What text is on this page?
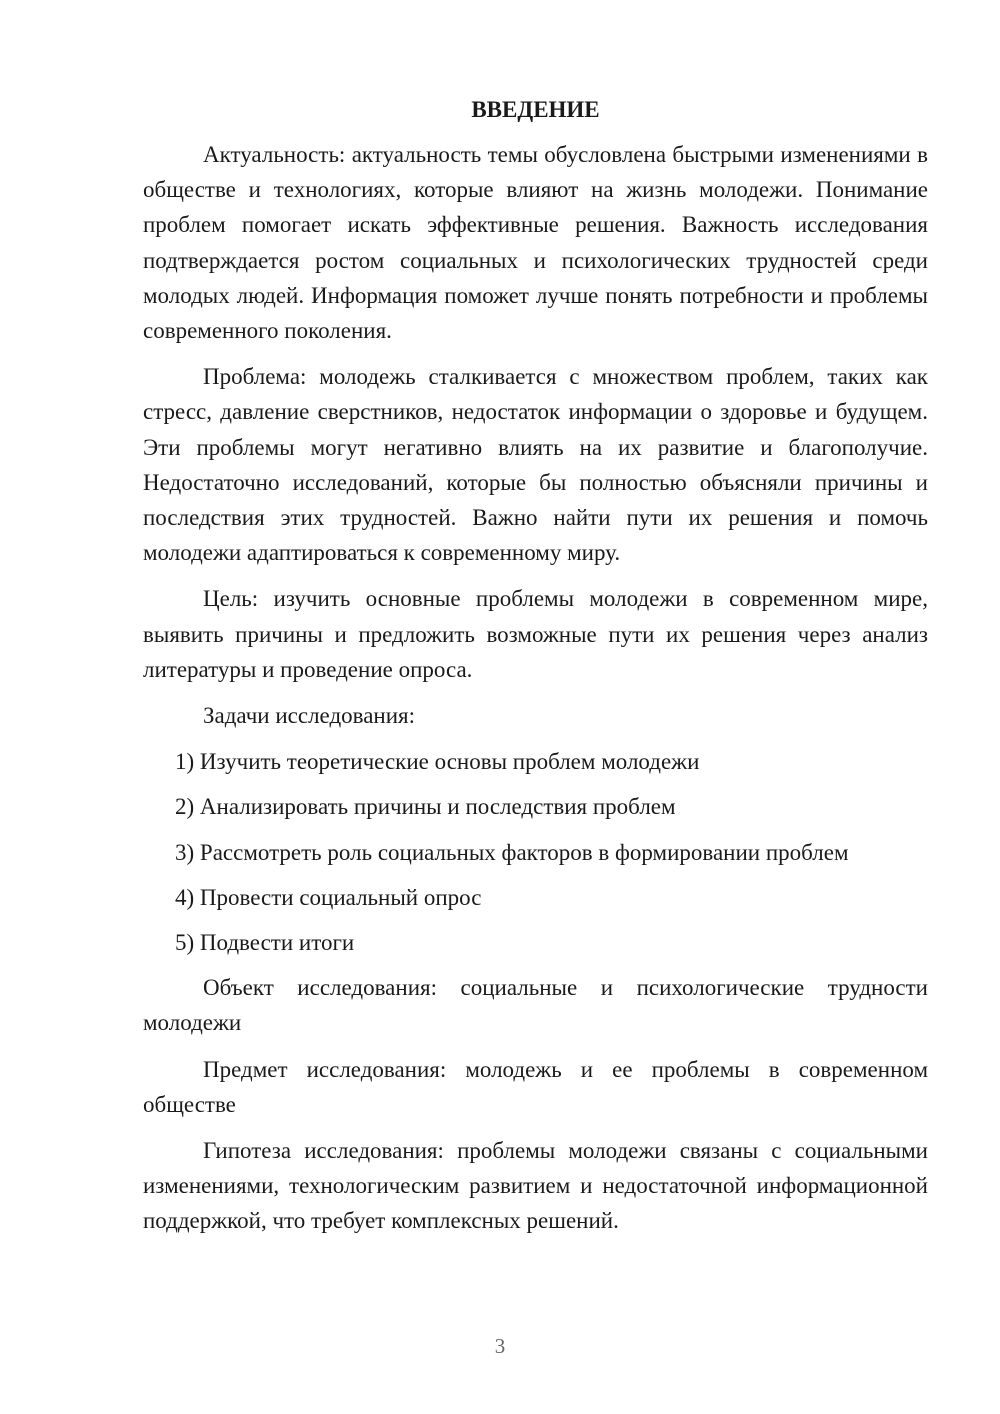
ВВЕДЕНИЕ

Актуальность: актуальность темы обусловлена быстрыми изменениями в обществе и технологиях, которые влияют на жизнь молодежи. Понимание проблем помогает искать эффективные решения. Важность исследования подтверждается ростом социальных и психологических трудностей среди молодых людей. Информация поможет лучше понять потребности и проблемы современного поколения.

Проблема: молодежь сталкивается с множеством проблем, таких как стресс, давление сверстников, недостаток информации о здоровье и будущем. Эти проблемы могут негативно влиять на их развитие и благополучие. Недостаточно исследований, которые бы полностью объясняли причины и последствия этих трудностей. Важно найти пути их решения и помочь молодежи адаптироваться к современному миру.

Цель: изучить основные проблемы молодежи в современном мире, выявить причины и предложить возможные пути их решения через анализ литературы и проведение опроса.

Задачи исследования:

1) Изучить теоретические основы проблем молодежи
2) Анализировать причины и последствия проблем
3) Рассмотреть роль социальных факторов в формировании проблем
4) Провести социальный опрос
5) Подвести итоги

Объект исследования: социальные и психологические трудности молодежи

Предмет исследования: молодежь и ее проблемы в современном обществе

Гипотеза исследования: проблемы молодежи связаны с социальными изменениями, технологическим развитием и недостаточной информационной поддержкой, что требует комплексных решений.

3
